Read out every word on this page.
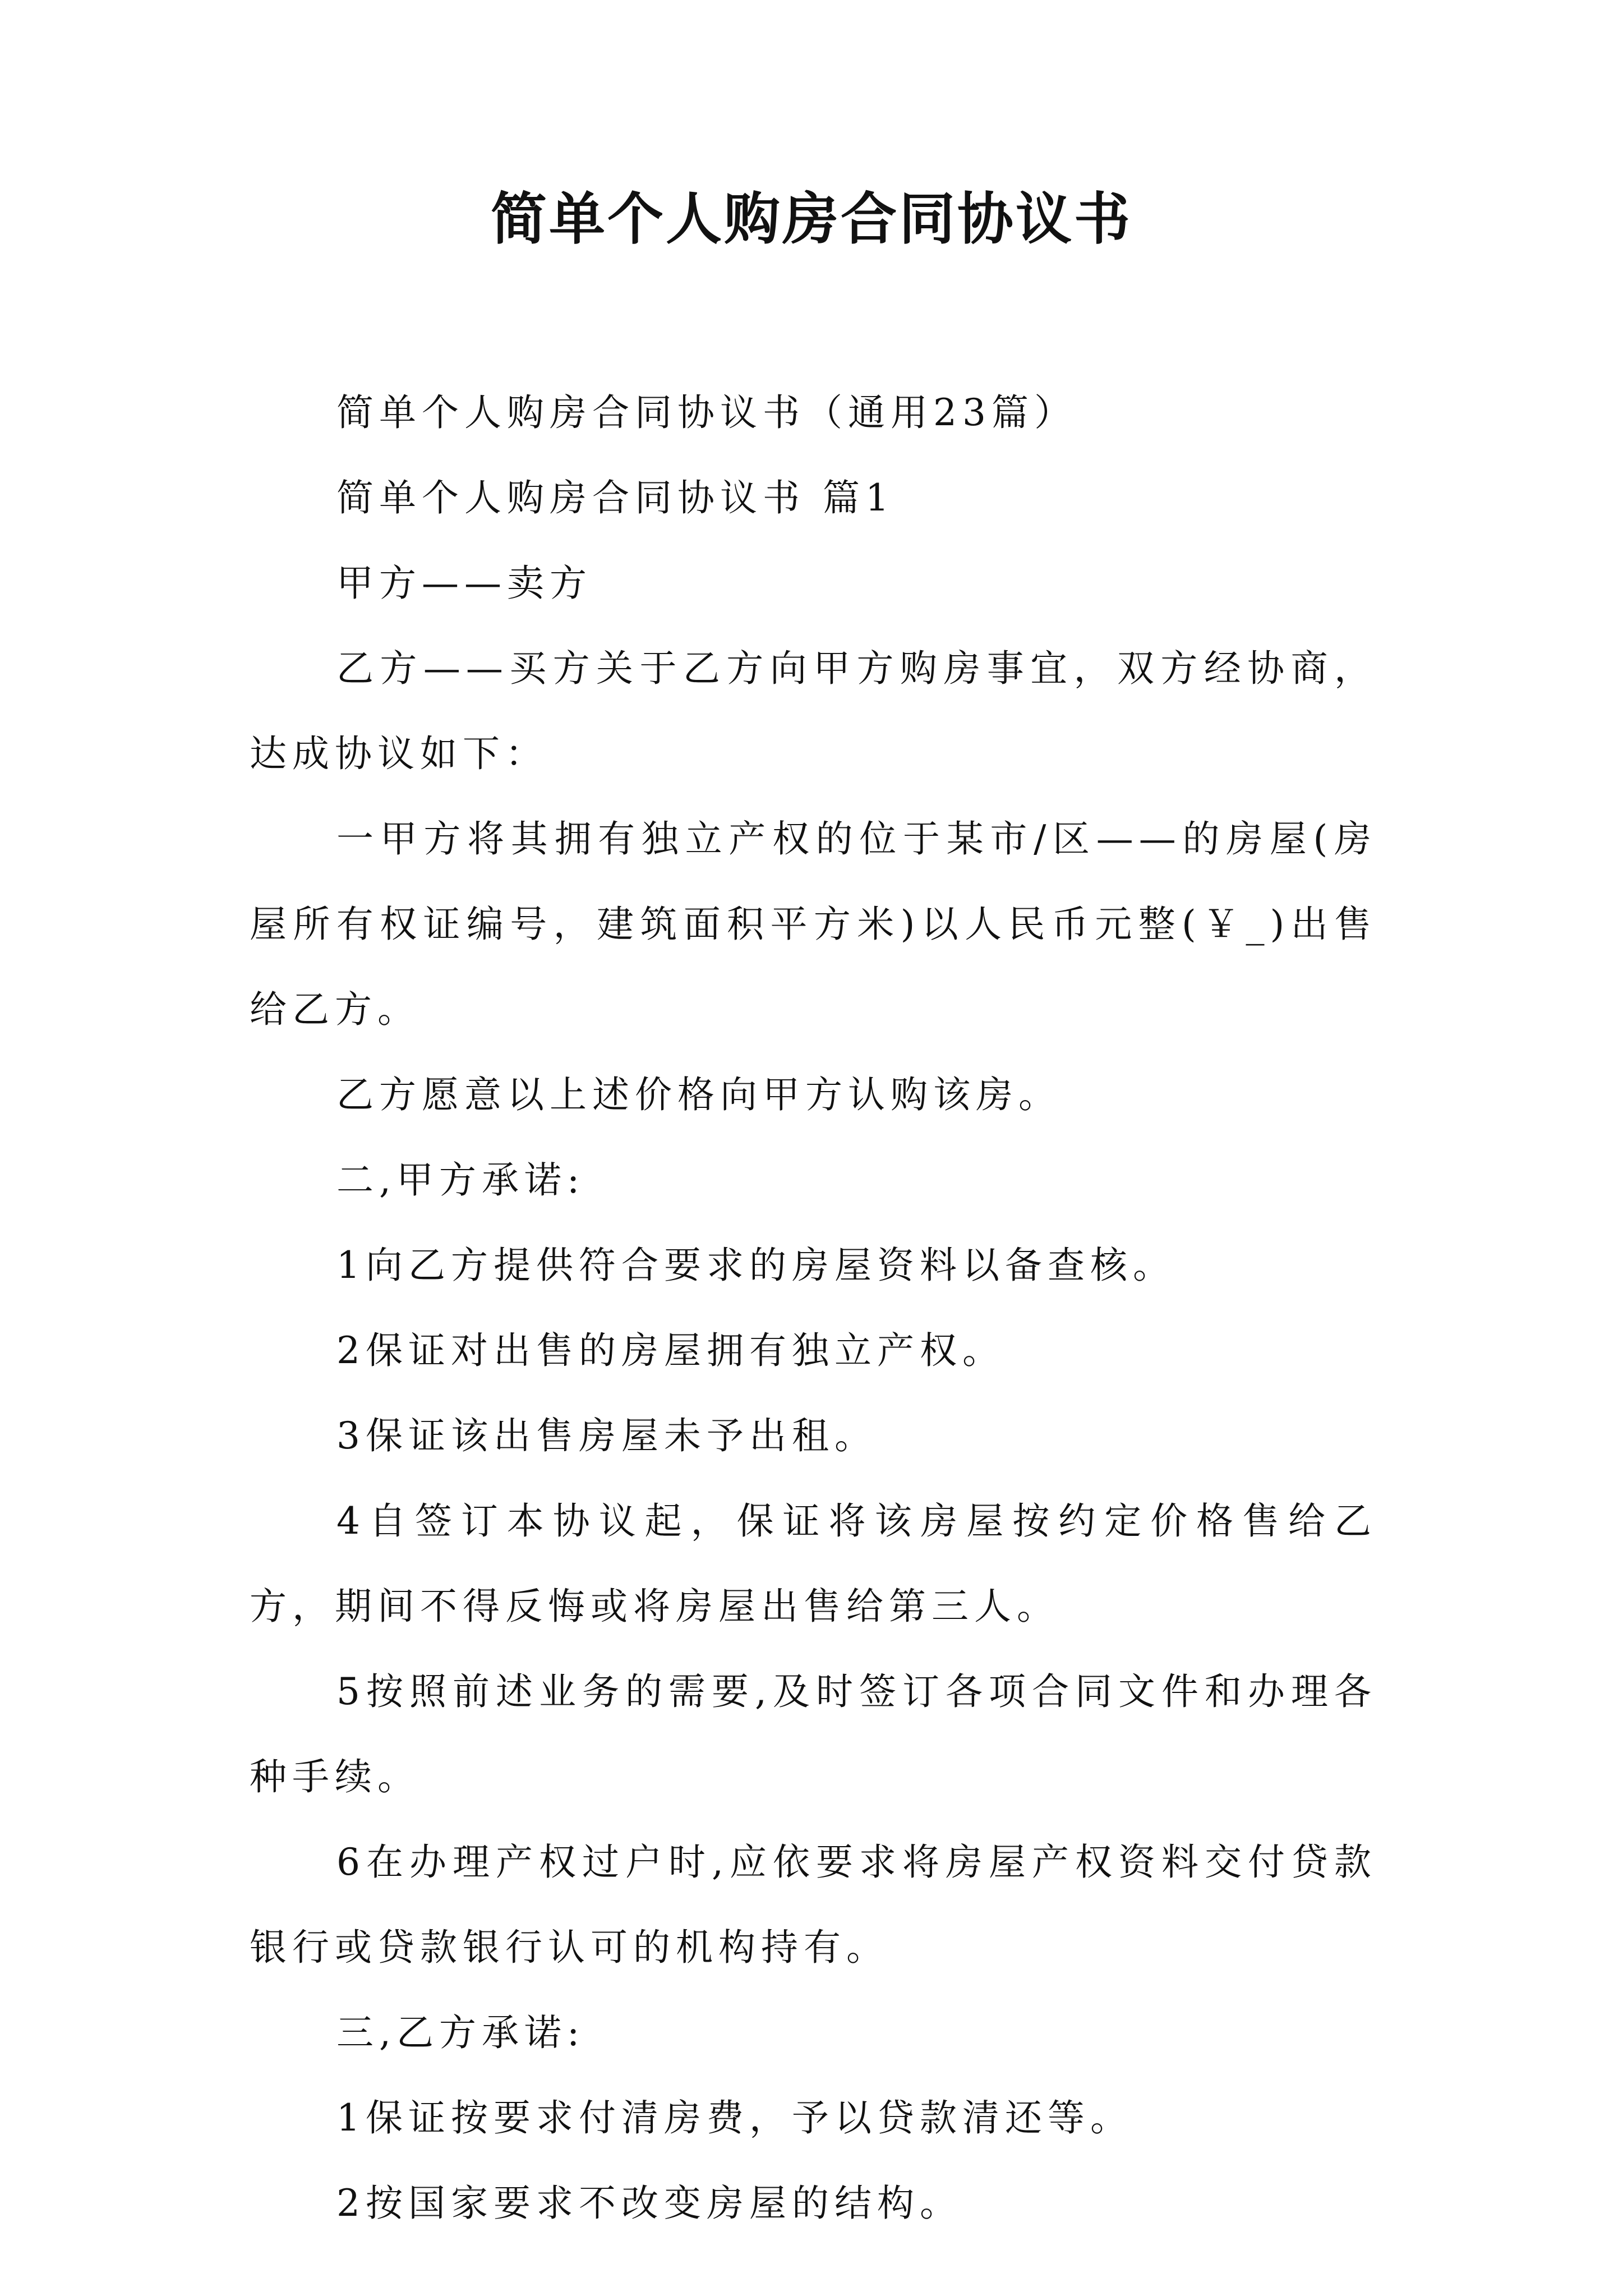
简单个人购房合同协议书

简单个人购房合同协议书（通用23篇）

简单个人购房合同协议书 篇1

甲方——卖方

乙方——买方关于乙方向甲方购房事宜，双方经协商，达成协议如下：

一甲方将其拥有独立产权的位于某市/区——的房屋(房屋所有权证编号，建筑面积平方米)以人民币元整(￥_)出售给乙方。

乙方愿意以上述价格向甲方认购该房。

二,甲方承诺:

1向乙方提供符合要求的房屋资料以备查核。

2保证对出售的房屋拥有独立产权。

3保证该出售房屋未予出租。

4自签订本协议起，保证将该房屋按约定价格售给乙方，期间不得反悔或将房屋出售给第三人。

5按照前述业务的需要,及时签订各项合同文件和办理各种手续。

6在办理产权过户时,应依要求将房屋产权资料交付贷款银行或贷款银行认可的机构持有。

三,乙方承诺:

1保证按要求付清房费，予以贷款清还等。

2按国家要求不改变房屋的结构。
